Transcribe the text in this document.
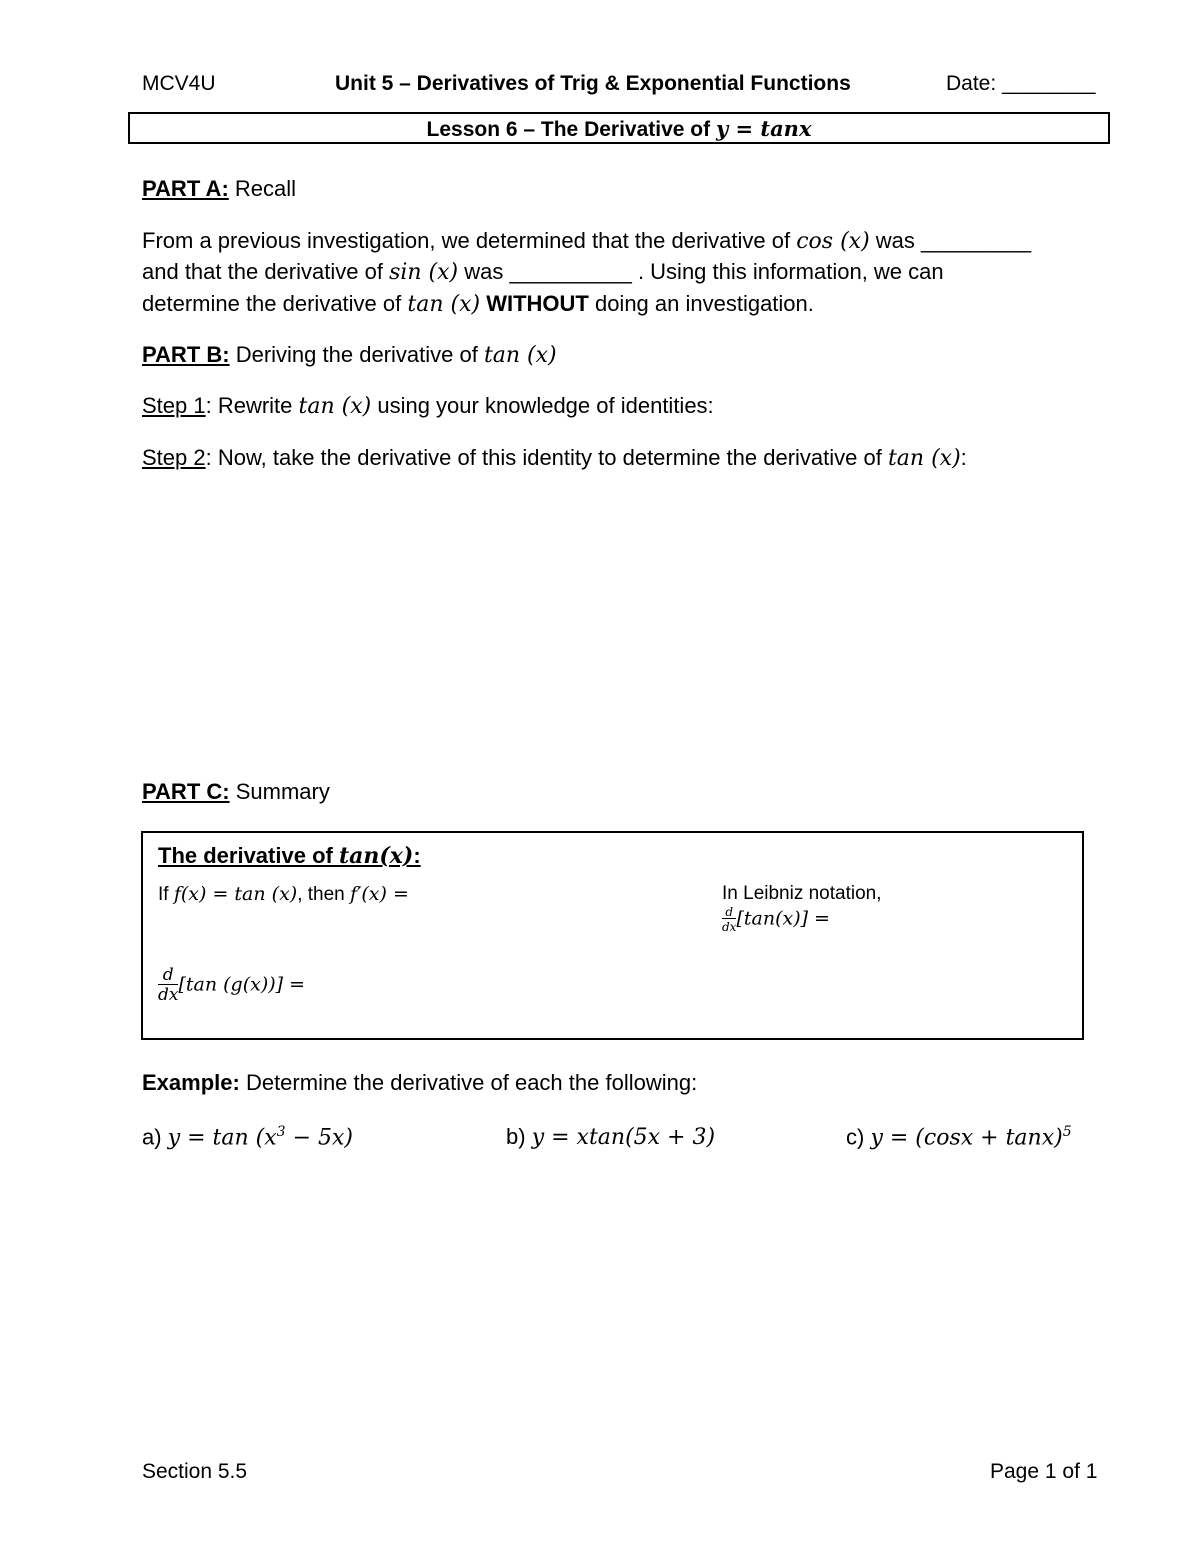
MCV4U	Unit 5 – Derivatives of Trig & Exponential Functions	Date: ________
Lesson 6 – The Derivative of y = tanx
PART A: Recall
From a previous investigation, we determined that the derivative of cos (x) was _________
and that the derivative of sin (x) was __________ . Using this information, we can
determine the derivative of tan (x) WITHOUT doing an investigation.
PART B: Deriving the derivative of tan (x)
Step 1: Rewrite tan (x) using your knowledge of identities:
Step 2: Now, take the derivative of this identity to determine the derivative of tan (x):
PART C: Summary
The derivative of tan(x):
If f(x) = tan (x), then f′(x) =	In Leibniz notation,
$\frac{d}{dx} [\tan(x)]$ =
$\frac{d}{dx} [\tan$ (g(x))] =
Example: Determine the derivative of each the following:
a) $y = \tan (x^3 - 5x)$	b) y = xtan(5x + 3)	c) $y = (\cos x + \tan x)^5$
Section 5.5	Page 1 of 1
